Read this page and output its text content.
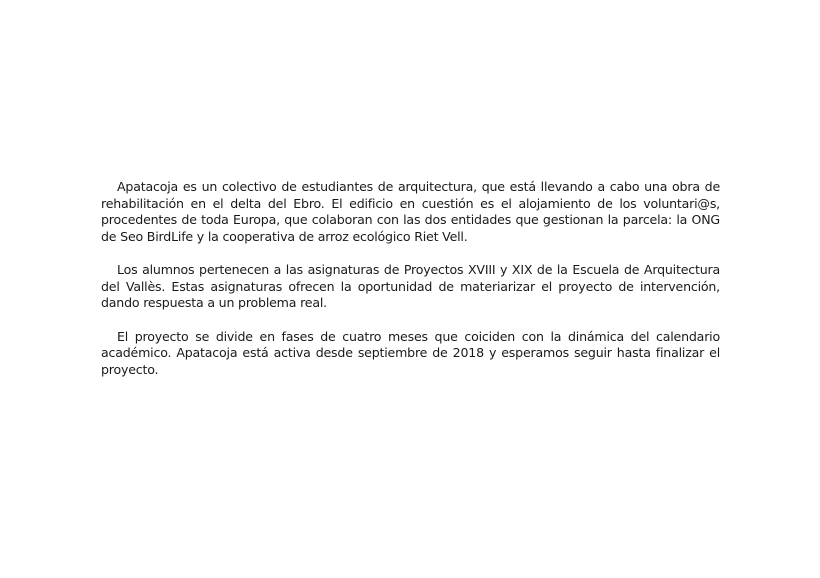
Apatacoja es un colectivo de estudiantes de arquitectura, que está llevando a cabo una obra de rehabilitación en el delta del Ebro. El edificio en cuestión es el alojamiento de los voluntari@s, procedentes de toda Europa, que colaboran con las dos entidades que gestionan la parcela: la ONG de Seo BirdLife y la cooperativa de arroz ecológico Riet Vell.

Los alumnos pertenecen a las asignaturas de Proyectos XVIII y XIX de la Escuela de Arquitectura del Vallès. Estas asignaturas ofrecen la oportunidad de materiarizar el proyecto de intervención, dando respuesta a un problema real.

El proyecto se divide en fases de cuatro meses que coiciden con la dinámica del calendario académico. Apatacoja está activa desde septiembre de 2018 y esperamos seguir hasta finalizar el proyecto.
